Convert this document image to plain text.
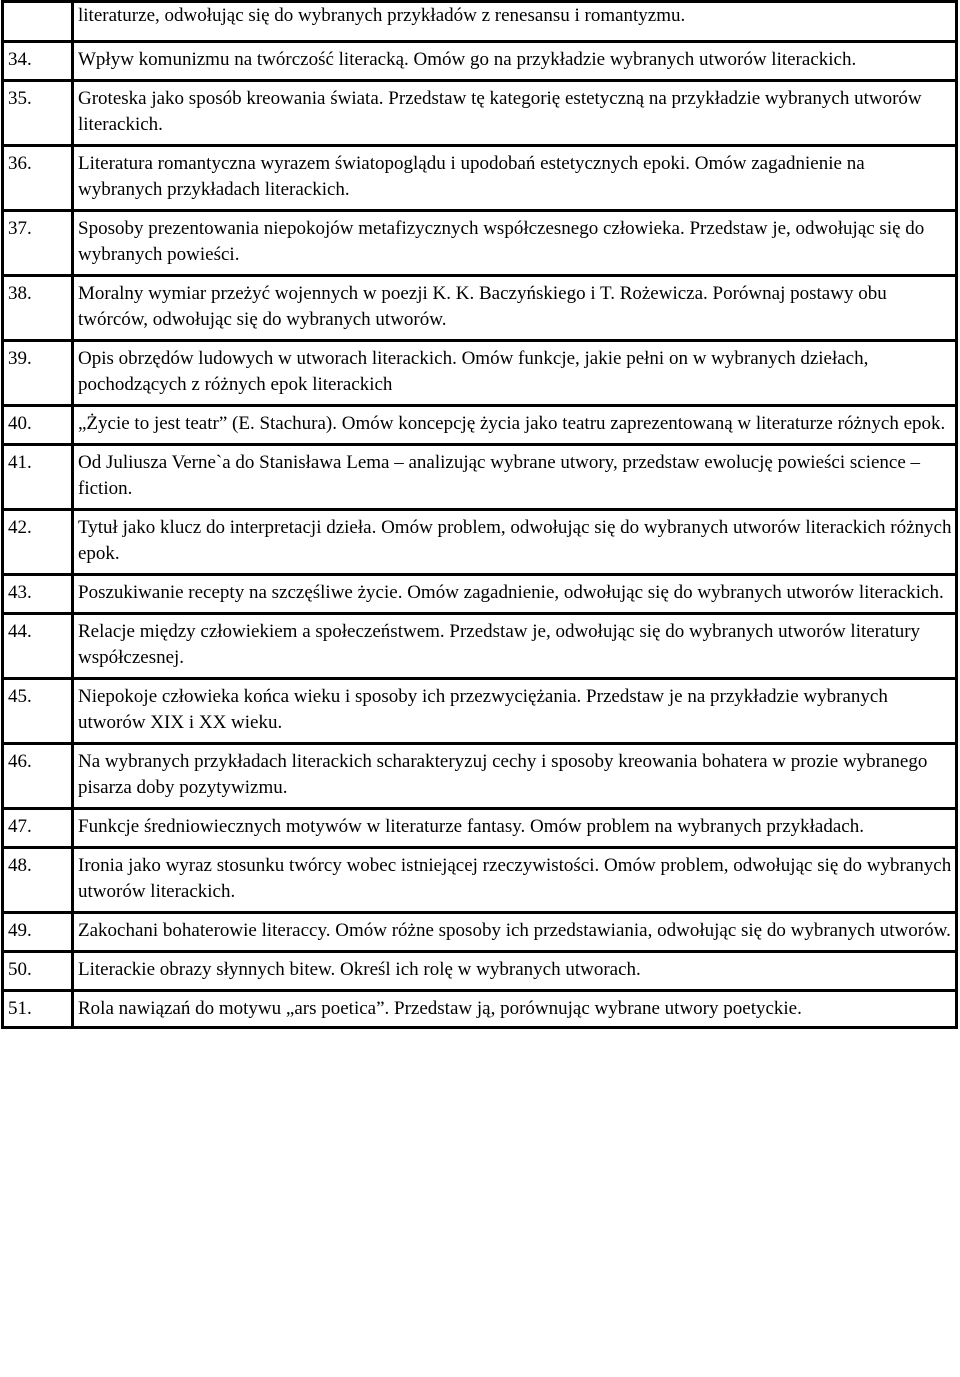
	literaturze, odwołując się do wybranych przykładów z renesansu i romantyzmu.
34.	Wpływ komunizmu na twórczość literacką. Omów go na przykładzie wybranych utworów literackich.
35.	Groteska jako sposób kreowania świata. Przedstaw tę kategorię estetyczną na przykładzie wybranych utworów literackich.
36.	Literatura romantyczna wyrazem światopoglądu i upodobań estetycznych epoki. Omów zagadnienie na wybranych przykładach literackich.
37.	Sposoby prezentowania niepokojów metafizycznych współczesnego człowieka. Przedstaw je, odwołując się do wybranych powieści.
38.	Moralny wymiar przeżyć wojennych w poezji K. K. Baczyńskiego i T. Rożewicza. Porównaj postawy obu twórców, odwołując się do wybranych utworów.
39.	Opis obrzędów ludowych w utworach literackich. Omów funkcje, jakie pełni on w wybranych dziełach, pochodzących z różnych epok literackich
40.	„Życie to jest teatr” (E. Stachura). Omów koncepcję życia jako teatru zaprezentowaną w literaturze różnych epok.
41.	Od Juliusza Verne`a do Stanisława Lema – analizując wybrane utwory, przedstaw ewolucję powieści science – fiction.
42.	Tytuł jako klucz do interpretacji dzieła. Omów problem, odwołując się do wybranych utworów literackich różnych epok.
43.	Poszukiwanie recepty na szczęśliwe życie. Omów zagadnienie, odwołując się do wybranych utworów literackich.
44.	Relacje między człowiekiem a społeczeństwem. Przedstaw je, odwołując się do wybranych utworów literatury współczesnej.
45.	Niepokoje człowieka końca wieku i sposoby ich przezwyciężania. Przedstaw je na przykładzie wybranych utworów XIX i XX wieku.
46.	Na wybranych przykładach literackich scharakteryzuj cechy i sposoby kreowania bohatera w prozie wybranego pisarza doby pozytywizmu.
47.	Funkcje średniowiecznych motywów w literaturze fantasy. Omów problem na wybranych przykładach.
48.	Ironia jako wyraz stosunku twórcy wobec istniejącej rzeczywistości. Omów problem, odwołując się do wybranych utworów literackich.
49.	Zakochani bohaterowie literaccy. Omów różne sposoby ich przedstawiania, odwołując się do wybranych utworów.
50.	Literackie obrazy słynnych bitew. Określ ich rolę w wybranych utworach.
51.	Rola nawiązań do motywu „ars poetica”. Przedstaw ją, porównując wybrane utwory poetyckie.
